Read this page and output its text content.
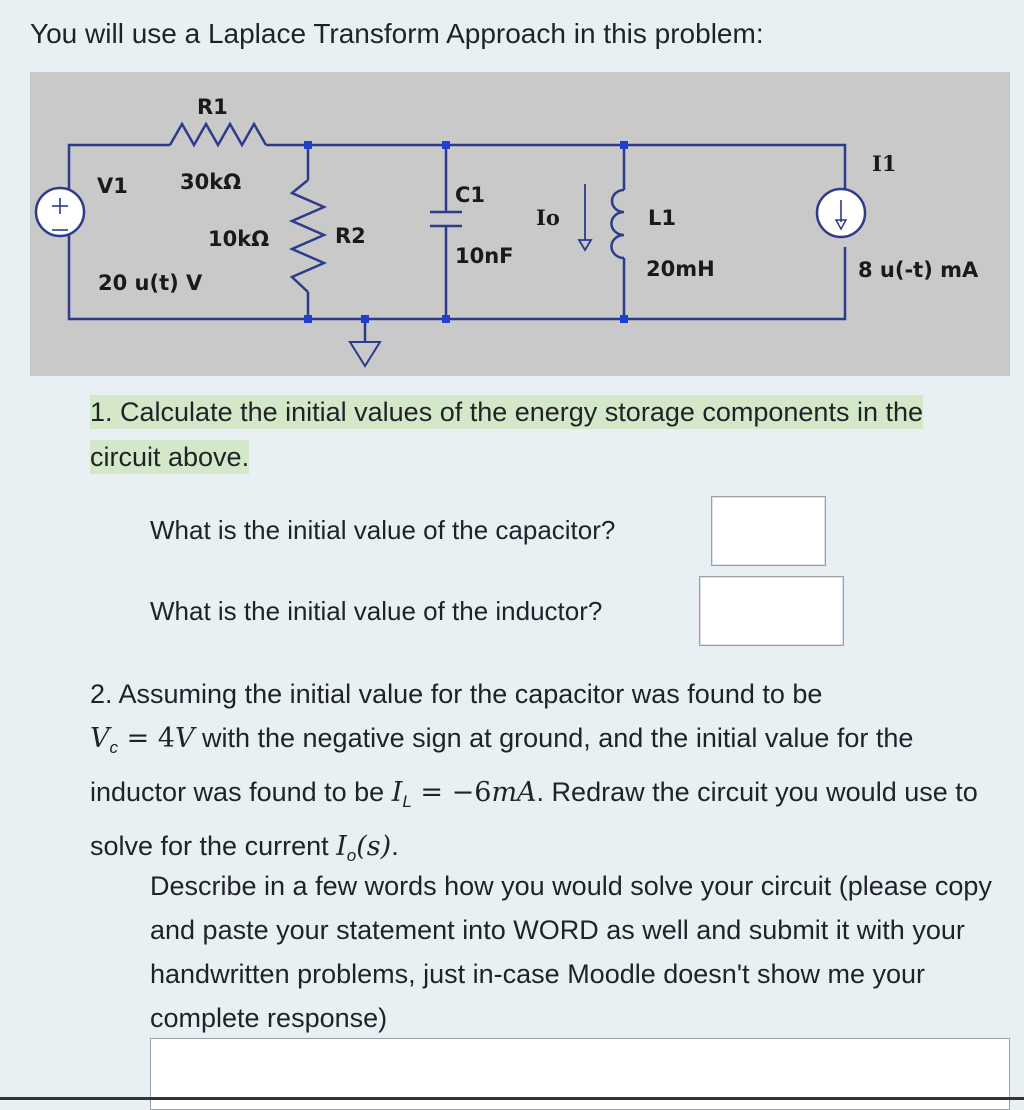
You will use a Laplace Transform Approach in this problem:
R1
30kΩ
V1
20 u(t) V
10kΩ	R2
C1
10nF
Io	L1
20mH
I1
8 u(-t) mA
1. Calculate the initial values of the energy storage components in the circuit above.
What is the initial value of the capacitor?
What is the initial value of the inductor?
2. Assuming the initial value for the capacitor was found to be
$V_c = 4V$ with the negative sign at ground, and the initial value for the inductor was found to be $I_L = -6mA$. Redraw the circuit you would use to solve for the current $I_o(s)$.
Describe in a few words how you would solve your circuit (please copy and paste your statement into WORD as well and submit it with your handwritten problems, just in-case Moodle doesn't show me your complete response)
